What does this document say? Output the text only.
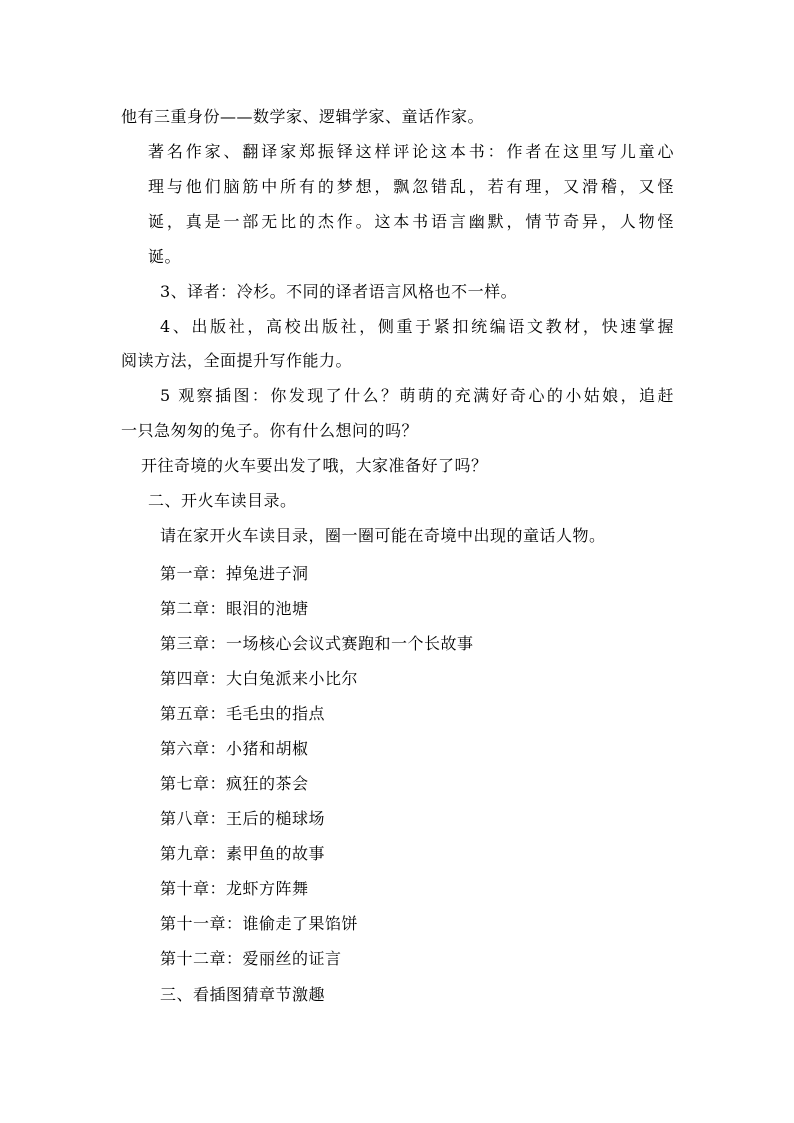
他有三重身份——数学家、逻辑学家、童话作家。
著名作家、翻译家郑振铎这样评论这本书：作者在这里写儿童心
理与他们脑筋中所有的梦想，飘忽错乱，若有理，又滑稽，又怪
诞，真是一部无比的杰作。这本书语言幽默，情节奇异，人物怪
诞。
3、译者：冷杉。不同的译者语言风格也不一样。
4、出版社，高校出版社，侧重于紧扣统编语文教材，快速掌握
阅读方法，全面提升写作能力。
5 观察插图：你发现了什么？萌萌的充满好奇心的小姑娘，追赶
一只急匆匆的兔子。你有什么想问的吗？
开往奇境的火车要出发了哦，大家准备好了吗？
二、开火车读目录。
请在家开火车读目录，圈一圈可能在奇境中出现的童话人物。
第一章：掉兔进子洞
第二章：眼泪的池塘
第三章：一场核心会议式赛跑和一个长故事
第四章：大白兔派来小比尔
第五章：毛毛虫的指点
第六章：小猪和胡椒
第七章：疯狂的茶会
第八章：王后的槌球场
第九章：素甲鱼的故事
第十章：龙虾方阵舞
第十一章：谁偷走了果馅饼
第十二章：爱丽丝的证言
三、看插图猜章节激趣
